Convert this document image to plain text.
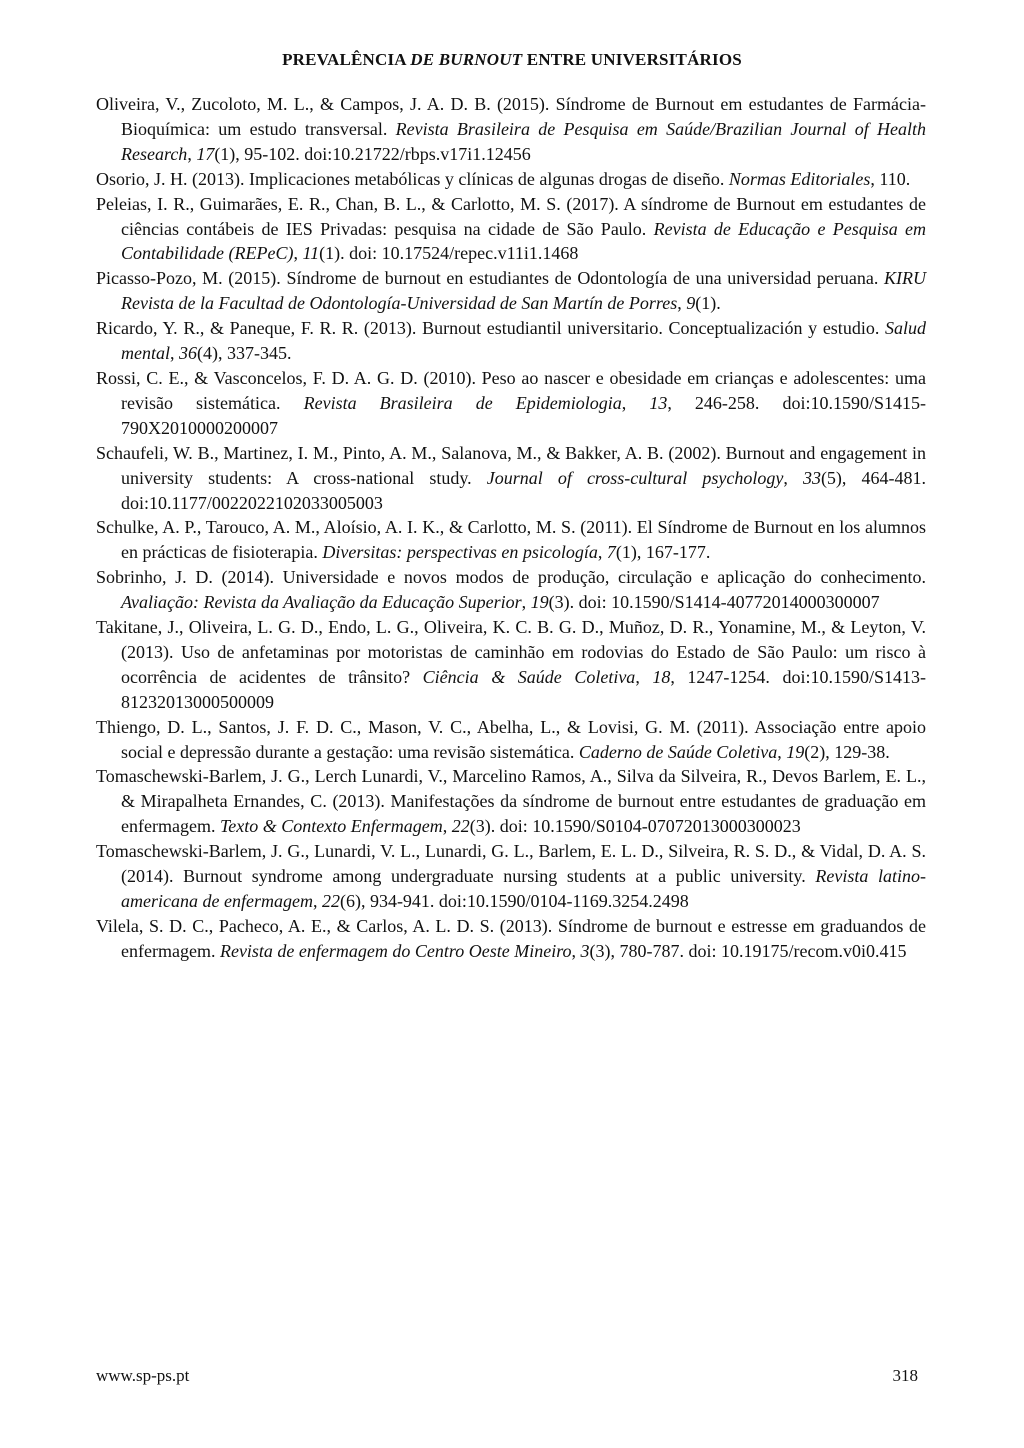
PREVALÊNCIA DE BURNOUT ENTRE UNIVERSITÁRIOS

Oliveira, V., Zucoloto, M. L., & Campos, J. A. D. B. (2015). Síndrome de Burnout em estudantes de Farmácia-Bioquímica: um estudo transversal. Revista Brasileira de Pesquisa em Saúde/Brazilian Journal of Health Research, 17(1), 95-102. doi:10.21722/rbps.v17i1.12456

Osorio, J. H. (2013). Implicaciones metabólicas y clínicas de algunas drogas de diseño. Normas Editoriales, 110.

Peleias, I. R., Guimarães, E. R., Chan, B. L., & Carlotto, M. S. (2017). A síndrome de Burnout em estudantes de ciências contábeis de IES Privadas: pesquisa na cidade de São Paulo. Revista de Educação e Pesquisa em Contabilidade (REPeC), 11(1). doi: 10.17524/repec.v11i1.1468

Picasso-Pozo, M. (2015). Síndrome de burnout en estudiantes de Odontología de una universidad peruana. KIRU Revista de la Facultad de Odontología-Universidad de San Martín de Porres, 9(1).

Ricardo, Y. R., & Paneque, F. R. R. (2013). Burnout estudiantil universitario. Conceptualización y estudio. Salud mental, 36(4), 337-345.

Rossi, C. E., & Vasconcelos, F. D. A. G. D. (2010). Peso ao nascer e obesidade em crianças e adolescentes: uma revisão sistemática. Revista Brasileira de Epidemiologia, 13, 246-258. doi:10.1590/S1415-790X2010000200007

Schaufeli, W. B., Martinez, I. M., Pinto, A. M., Salanova, M., & Bakker, A. B. (2002). Burnout and engagement in university students: A cross-national study. Journal of cross-cultural psychology, 33(5), 464-481. doi:10.1177/0022022102033005003

Schulke, A. P., Tarouco, A. M., Aloísio, A. I. K., & Carlotto, M. S. (2011). El Síndrome de Burnout en los alumnos en prácticas de fisioterapia. Diversitas: perspectivas en psicología, 7(1), 167-177.

Sobrinho, J. D. (2014). Universidade e novos modos de produção, circulação e aplicação do conhecimento. Avaliação: Revista da Avaliação da Educação Superior, 19(3). doi: 10.1590/S1414-40772014000300007

Takitane, J., Oliveira, L. G. D., Endo, L. G., Oliveira, K. C. B. G. D., Muñoz, D. R., Yonamine, M., & Leyton, V. (2013). Uso de anfetaminas por motoristas de caminhão em rodovias do Estado de São Paulo: um risco à ocorrência de acidentes de trânsito? Ciência & Saúde Coletiva, 18, 1247-1254. doi:10.1590/S1413-81232013000500009

Thiengo, D. L., Santos, J. F. D. C., Mason, V. C., Abelha, L., & Lovisi, G. M. (2011). Associação entre apoio social e depressão durante a gestação: uma revisão sistemática. Caderno de Saúde Coletiva, 19(2), 129-38.

Tomaschewski-Barlem, J. G., Lerch Lunardi, V., Marcelino Ramos, A., Silva da Silveira, R., Devos Barlem, E. L., & Mirapalheta Ernandes, C. (2013). Manifestações da síndrome de burnout entre estudantes de graduação em enfermagem. Texto & Contexto Enfermagem, 22(3). doi: 10.1590/S0104-07072013000300023

Tomaschewski-Barlem, J. G., Lunardi, V. L., Lunardi, G. L., Barlem, E. L. D., Silveira, R. S. D., & Vidal, D. A. S. (2014). Burnout syndrome among undergraduate nursing students at a public university. Revista latino-americana de enfermagem, 22(6), 934-941. doi:10.1590/0104-1169.3254.2498

Vilela, S. D. C., Pacheco, A. E., & Carlos, A. L. D. S. (2013). Síndrome de burnout e estresse em graduandos de enfermagem. Revista de enfermagem do Centro Oeste Mineiro, 3(3), 780-787. doi: 10.19175/recom.v0i0.415

www.sp-ps.pt	318
